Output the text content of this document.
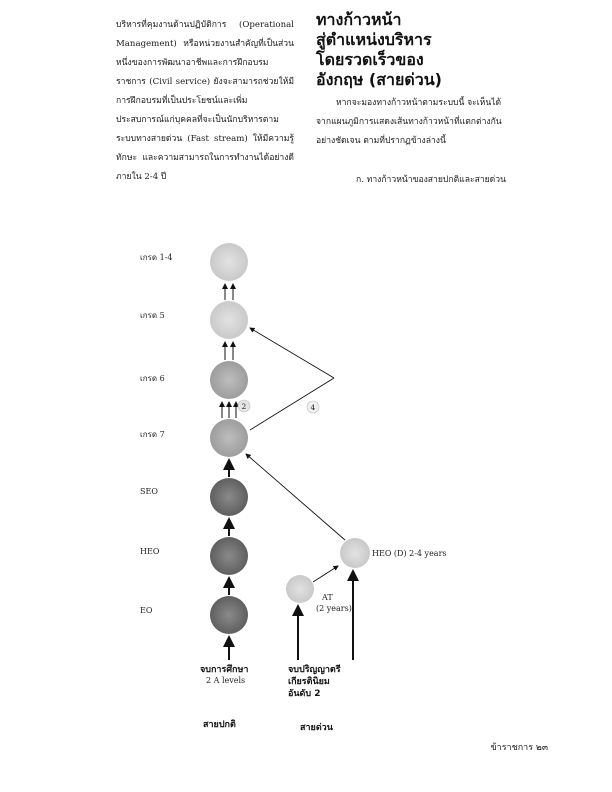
บริหารที่คุมงานด้านปฏิบัติการ (Operational Management) หรือหน่วยงานสำคัญที่เป็นส่วนหนึ่งของการพัฒนาอาชีพและการฝึกอบรมราชการ (Civil service) ยังจะสามารถช่วยให้มีการฝึกอบรมที่เป็นประโยชน์และเพิ่มประสบการณ์แก่บุคคลที่จะเป็นนักบริหารตามระบบทางสายด่วน (Fast stream) ให้มีความรู้ ทักษะ และความสามารถในการทำงานได้อย่างดีภายใน 2-4 ปี

ทางก้าวหน้า
สู่ตำแหน่งบริหาร
โดยรวดเร็วของ
อังกฤษ (สายด่วน)

หากจะมองทางก้าวหน้าตามระบบนี้ จะเห็นได้จากแผนภูมิการแสดงเส้นทางก้าวหน้าที่แตกต่างกันอย่างชัดเจน ตามที่ปรากฏข้างล่างนี้

ก. ทางก้าวหน้าของสายปกติและสายด่วน

เกรด 1-4
เกรด 5
เกรด 6
เกรด 7
SEO
HEO
EO
2	4
HEO (D) 2-4 years
AT
(2 years)
จบการศึกษา
2 A levels
จบปริญญาตรี
เกียรตินิยม
อันดับ 2
สายปกติ	สายด่วน
ข้าราชการ ๒๓
